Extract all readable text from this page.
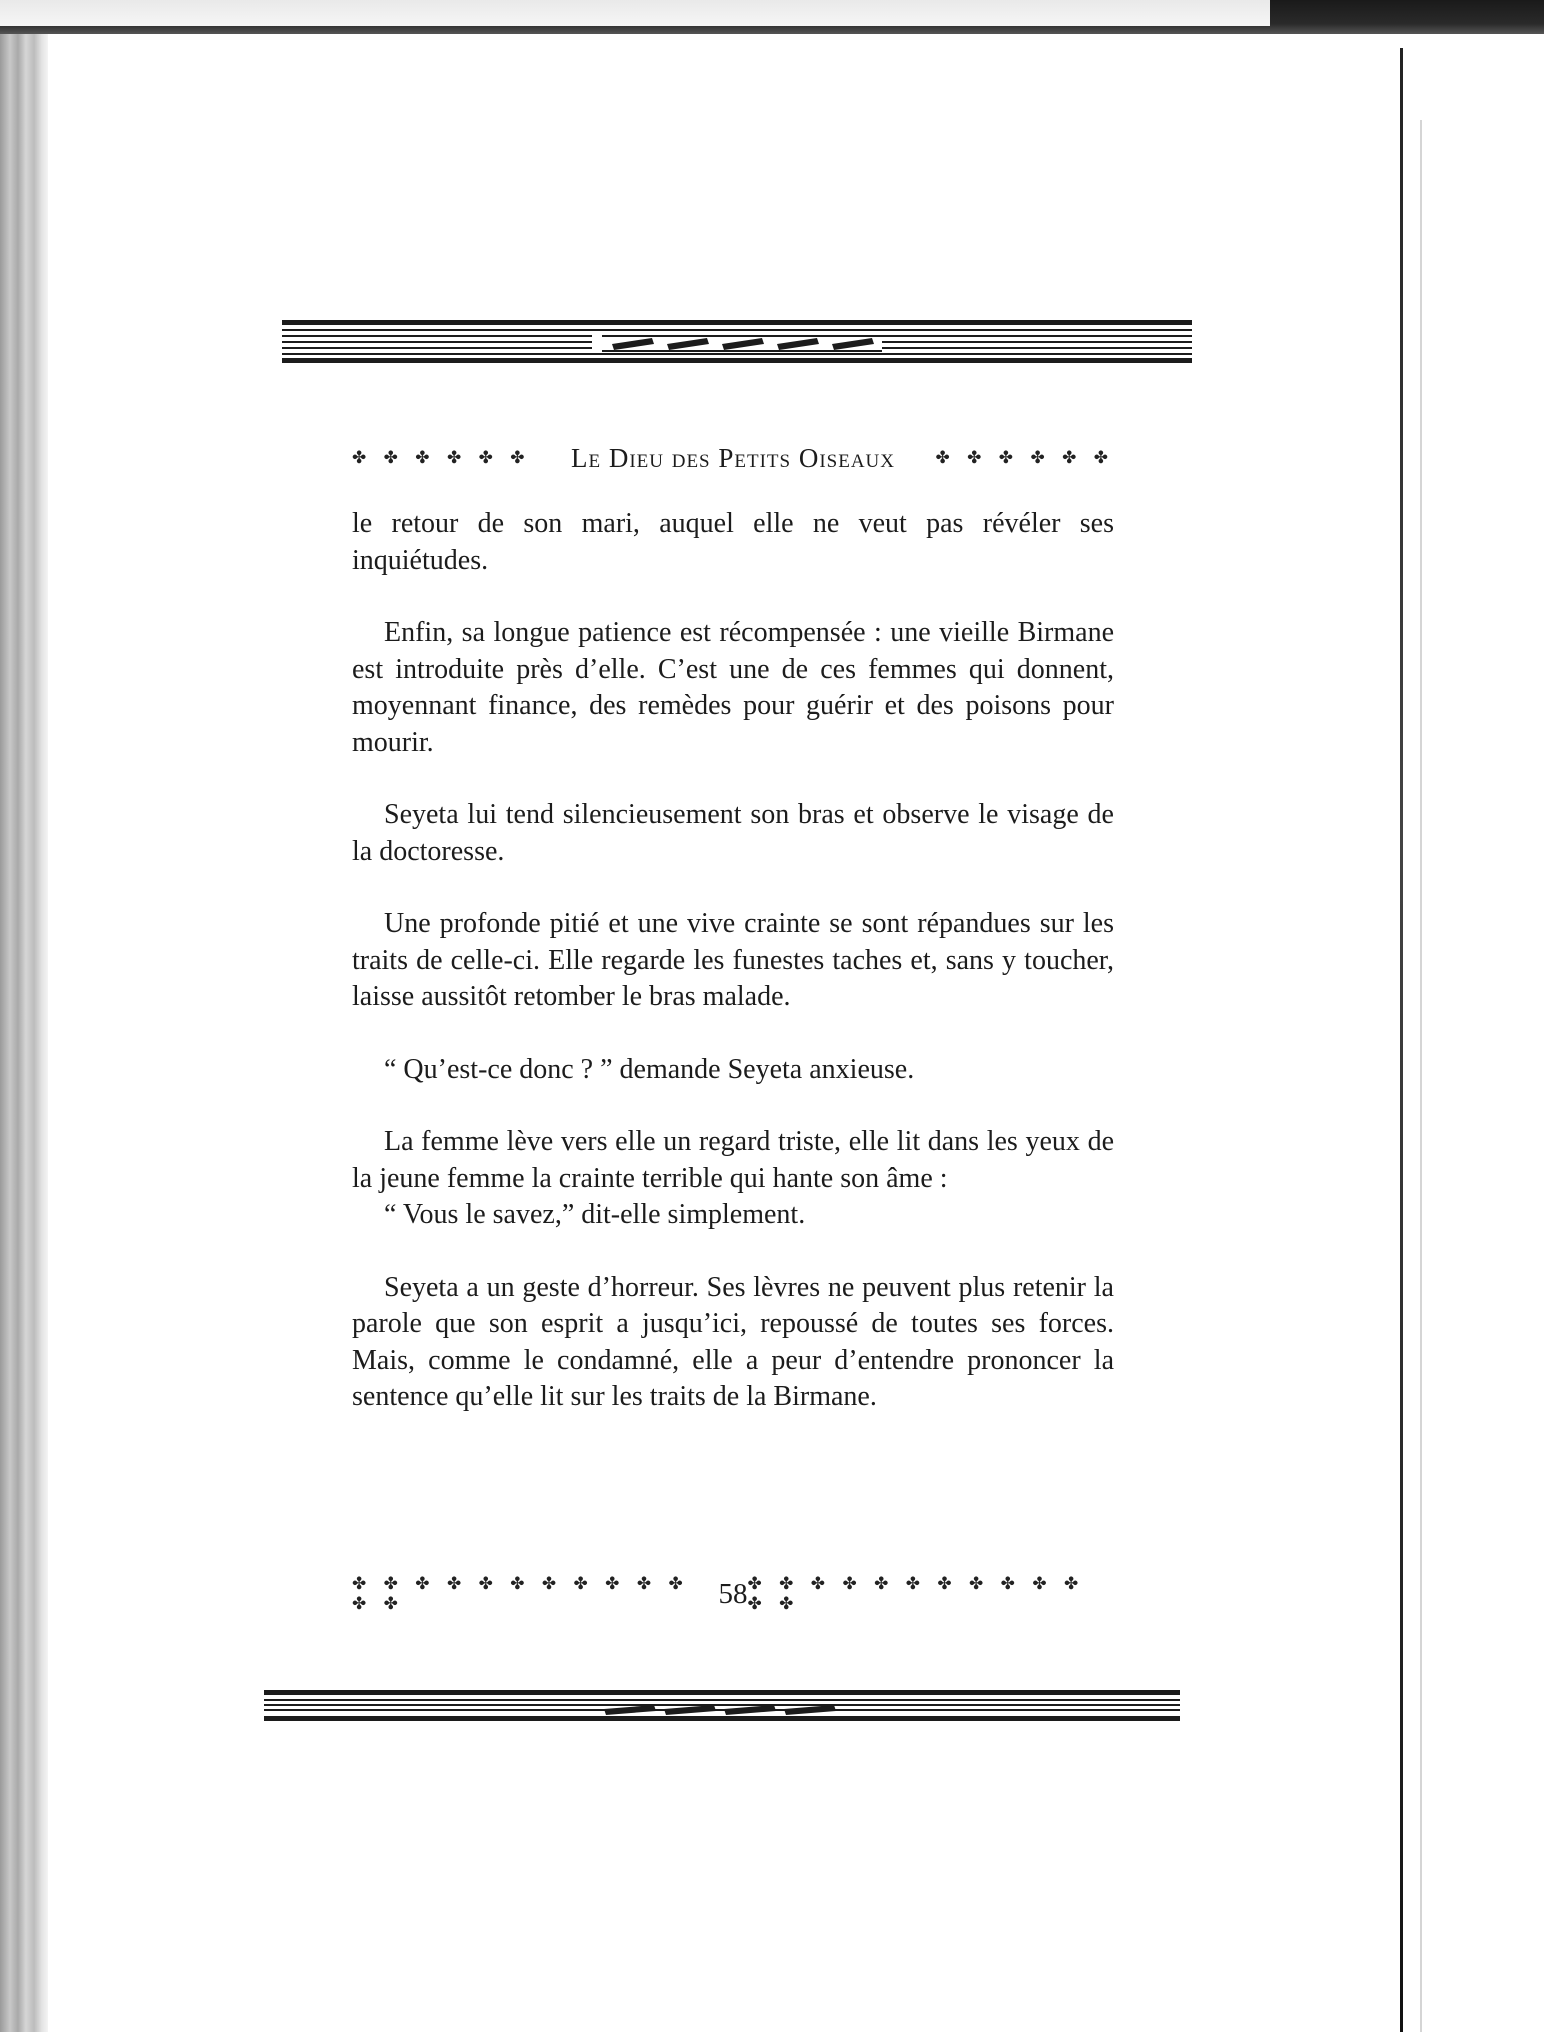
✤ ✤ ✤ ✤ ✤ ✤ Le Dieu des Petits Oiseaux ✤ ✤ ✤ ✤ ✤ ✤

le retour de son mari, auquel elle ne veut pas révéler ses inquiétudes.

Enfin, sa longue patience est récompensée : une vieille Birmane est introduite près d’elle. C’est une de ces femmes qui donnent, moyennant finance, des remèdes pour guérir et des poisons pour mourir.

Seyeta lui tend silencieusement son bras et observe le visage de la doctoresse.

Une profonde pitié et une vive crainte se sont répandues sur les traits de celle-ci. Elle regarde les funestes taches et, sans y toucher, laisse aussitôt retomber le bras malade.

“ Qu’est-ce donc ? ” demande Seyeta anxieuse.

La femme lève vers elle un regard triste, elle lit dans les yeux de la jeune femme la crainte terrible qui hante son âme :

“ Vous le savez,” dit-elle simplement.

Seyeta a un geste d’horreur. Ses lèvres ne peuvent plus retenir la parole que son esprit a jusqu’ici, repoussé de toutes ses forces. Mais, comme le condamné, elle a peur d’entendre prononcer la sentence qu’elle lit sur les traits de la Birmane.

✤ ✤ ✤ ✤ ✤ ✤ ✤ ✤ ✤ ✤ ✤ ✤ ✤	58 ✤ ✤ ✤ ✤ ✤ ✤ ✤ ✤ ✤ ✤ ✤ ✤ ✤
